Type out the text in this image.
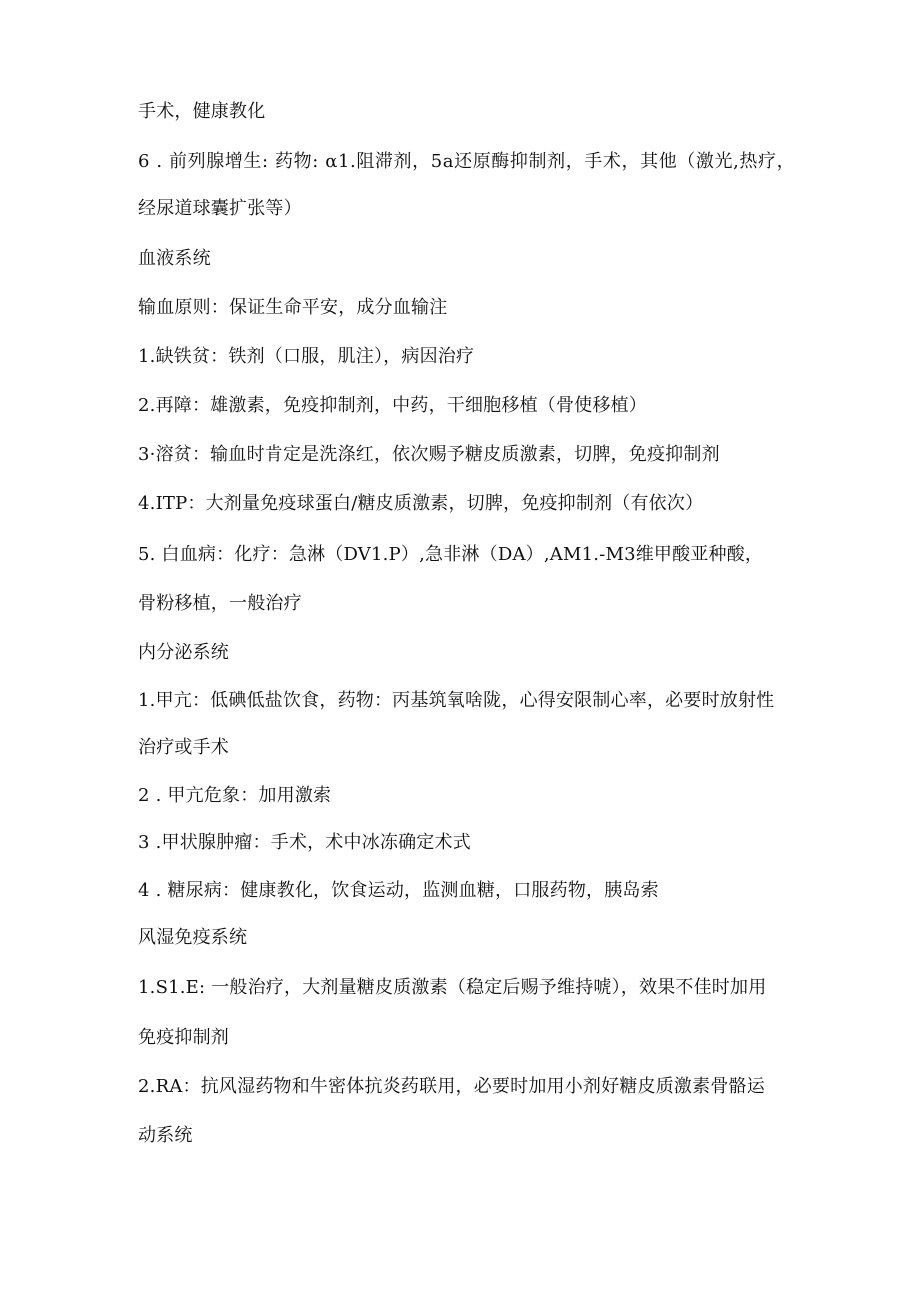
手术，健康教化
6 . 前列腺增生: 药物: α1.阻滞剂，5a还原酶抑制剂，手术，其他（激光,热疗，
经尿道球囊扩张等）
血液系统
输血原则：保证生命平安，成分血输注
1.缺铁贫：铁剂（口服，肌注），病因治疗
2.再障：雄激素，免疫抑制剂，中药，干细胞移植（骨使移植）
3·溶贫：输血时肯定是洗涤红，依次赐予糖皮质激素，切脾，免疫抑制剂
4.ITP：大剂量免疫球蛋白/糖皮质激素，切脾，免疫抑制剂（有依次）
5. 白血病：化疗：急淋（DV1.P）,急非淋（DA）,AM1.-M3维甲酸亚种酸，
骨粉移植，一般治疗
内分泌系统
1.甲亢：低碘低盐饮食，药物：丙基筑氧啥陇，心得安限制心率，必要时放射性
治疗或手术
2 . 甲亢危象：加用激索
3 .甲状腺肿瘤：手术，术中冰冻确定术式
4 . 糖尿病：健康教化，饮食运动，监测血糖，口服药物，胰岛索
风湿免疫系统
1.S1.E: 一般治疗，大剂量糖皮质激素（稳定后赐予维持唬），效果不佳时加用
免疫抑制剂
2.RA：抗风湿药物和牛密体抗炎药联用，必要时加用小剂好糖皮质激素骨骼运
动系统
